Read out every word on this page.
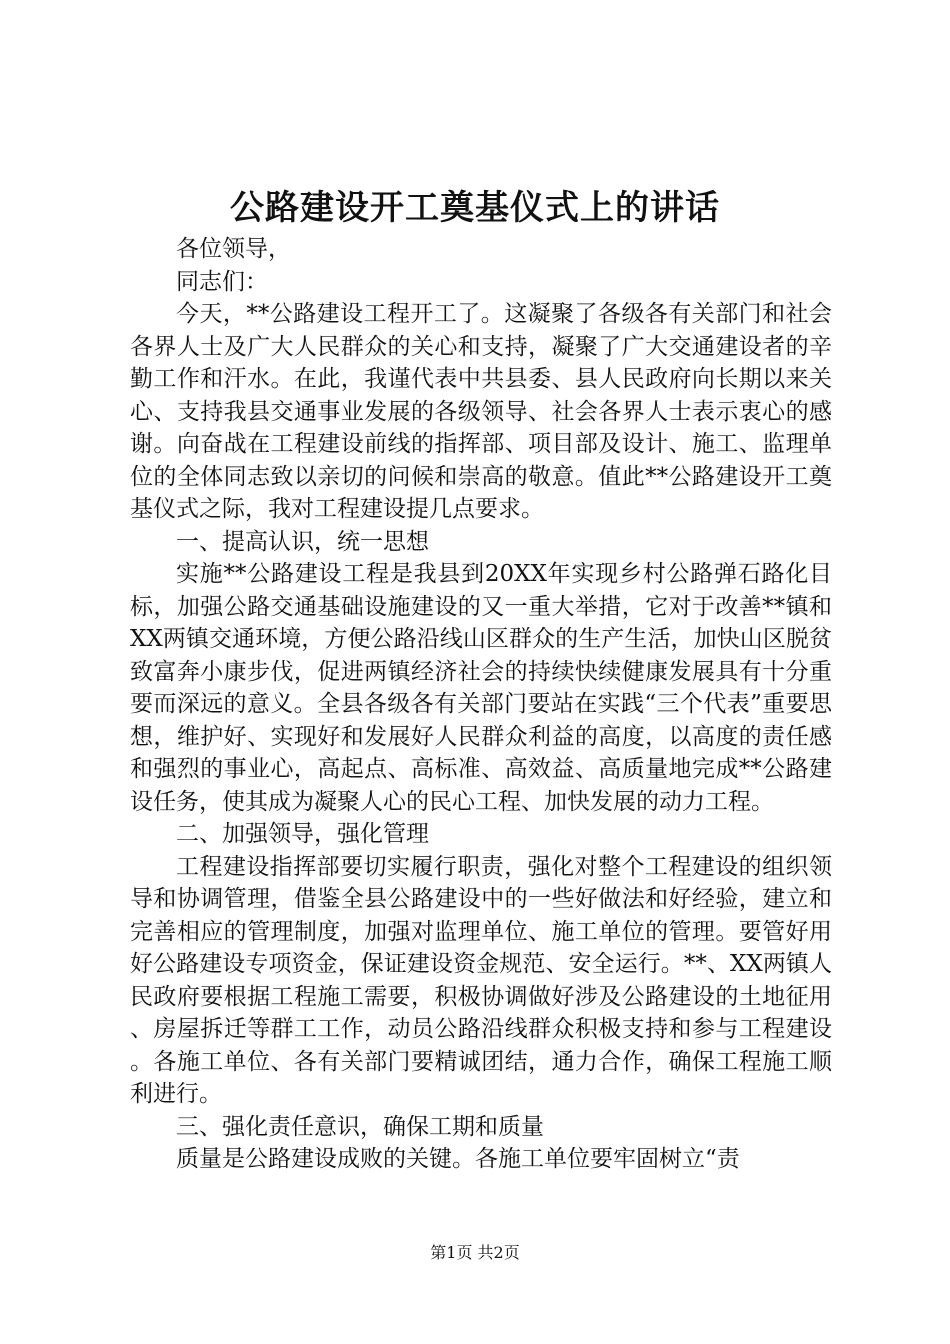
公路建设开工奠基仪式上的讲话

各位领导，

同志们：

今天，**公路建设工程开工了。这凝聚了各级各有关部门和社会各界人士及广大人民群众的关心和支持，凝聚了广大交通建设者的辛勤工作和汗水。在此，我谨代表中共县委、县人民政府向长期以来关心、支持我县交通事业发展的各级领导、社会各界人士表示衷心的感谢。向奋战在工程建设前线的指挥部、项目部及设计、施工、监理单位的全体同志致以亲切的问候和崇高的敬意。值此**公路建设开工奠基仪式之际，我对工程建设提几点要求。

一、提高认识，统一思想

实施**公路建设工程是我县到20XX年实现乡村公路弹石路化目标，加强公路交通基础设施建设的又一重大举措，它对于改善**镇和XX两镇交通环境，方便公路沿线山区群众的生产生活，加快山区脱贫致富奔小康步伐，促进两镇经济社会的持续快续健康发展具有十分重要而深远的意义。全县各级各有关部门要站在实践“三个代表”重要思想，维护好、实现好和发展好人民群众利益的高度，以高度的责任感和强烈的事业心，高起点、高标准、高效益、高质量地完成**公路建设任务，使其成为凝聚人心的民心工程、加快发展的动力工程。

二、加强领导，强化管理

工程建设指挥部要切实履行职责，强化对整个工程建设的组织领导和协调管理，借鉴全县公路建设中的一些好做法和好经验，建立和完善相应的管理制度，加强对监理单位、施工单位的管理。要管好用好公路建设专项资金，保证建设资金规范、安全运行。**、XX两镇人民政府要根据工程施工需要，积极协调做好涉及公路建设的土地征用、房屋拆迁等群工工作，动员公路沿线群众积极支持和参与工程建设。各施工单位、各有关部门要精诚团结，通力合作，确保工程施工顺利进行。

三、强化责任意识，确保工期和质量

质量是公路建设成败的关键。各施工单位要牢固树立“责

第1页 共2页
